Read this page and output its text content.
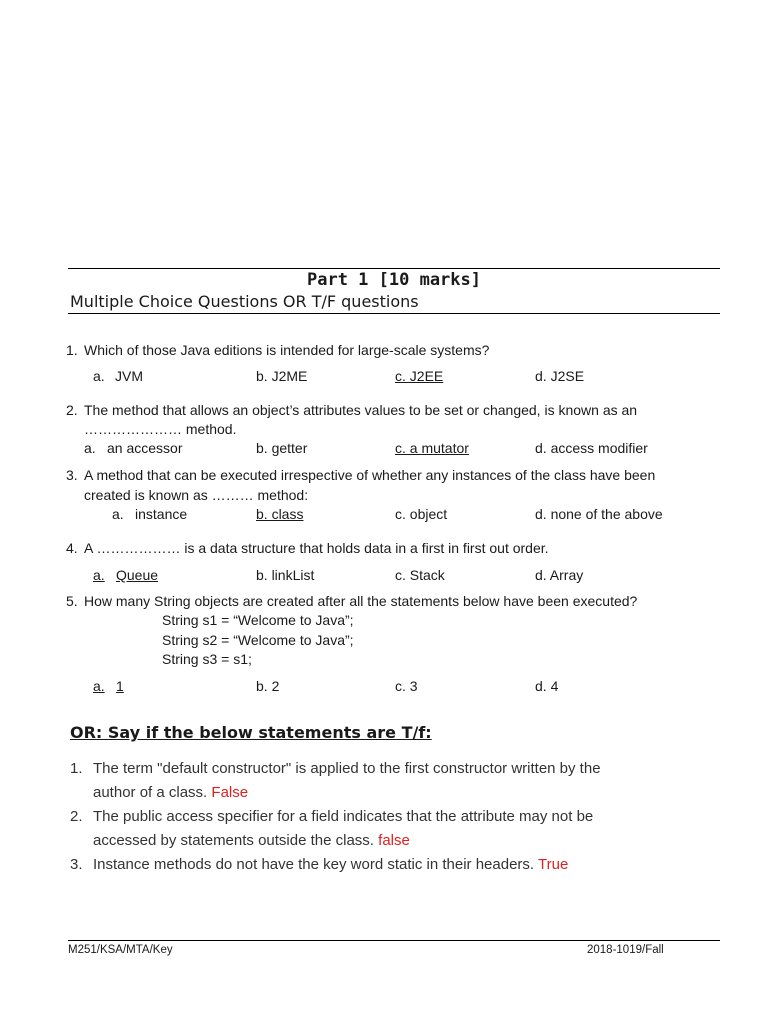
Part 1 [10 marks]
Multiple Choice Questions OR T/F questions
1. Which of those Java editions is intended for large-scale systems?
a. JVM	b. J2ME	c. J2EE	d. J2SE
2. The method that allows an object’s attributes values to be set or changed, is known as an
………………… method.
a. an accessor	b. getter	c. a mutator	d. access modifier
3. A method that can be executed irrespective of whether any instances of the class have been
created is known as ……… method:
a. instance	b. class	c. object	d. none of the above
4. A ……………… is a data structure that holds data in a first in first out order.
a. Queue	b. linkList	c. Stack	d. Array
5. How many String objects are created after all the statements below have been executed?
String s1 = “Welcome to Java”;
String s2 = “Welcome to Java”;
String s3 = s1;
a. 1	b. 2	c. 3	d. 4
OR: Say if the below statements are T/f:
1. The term "default constructor" is applied to the first constructor written by the
author of a class. False
2. The public access specifier for a field indicates that the attribute may not be
accessed by statements outside the class. false
3. Instance methods do not have the key word static in their headers. True
M251/KSA/MTA/Key	2018-1019/Fall
